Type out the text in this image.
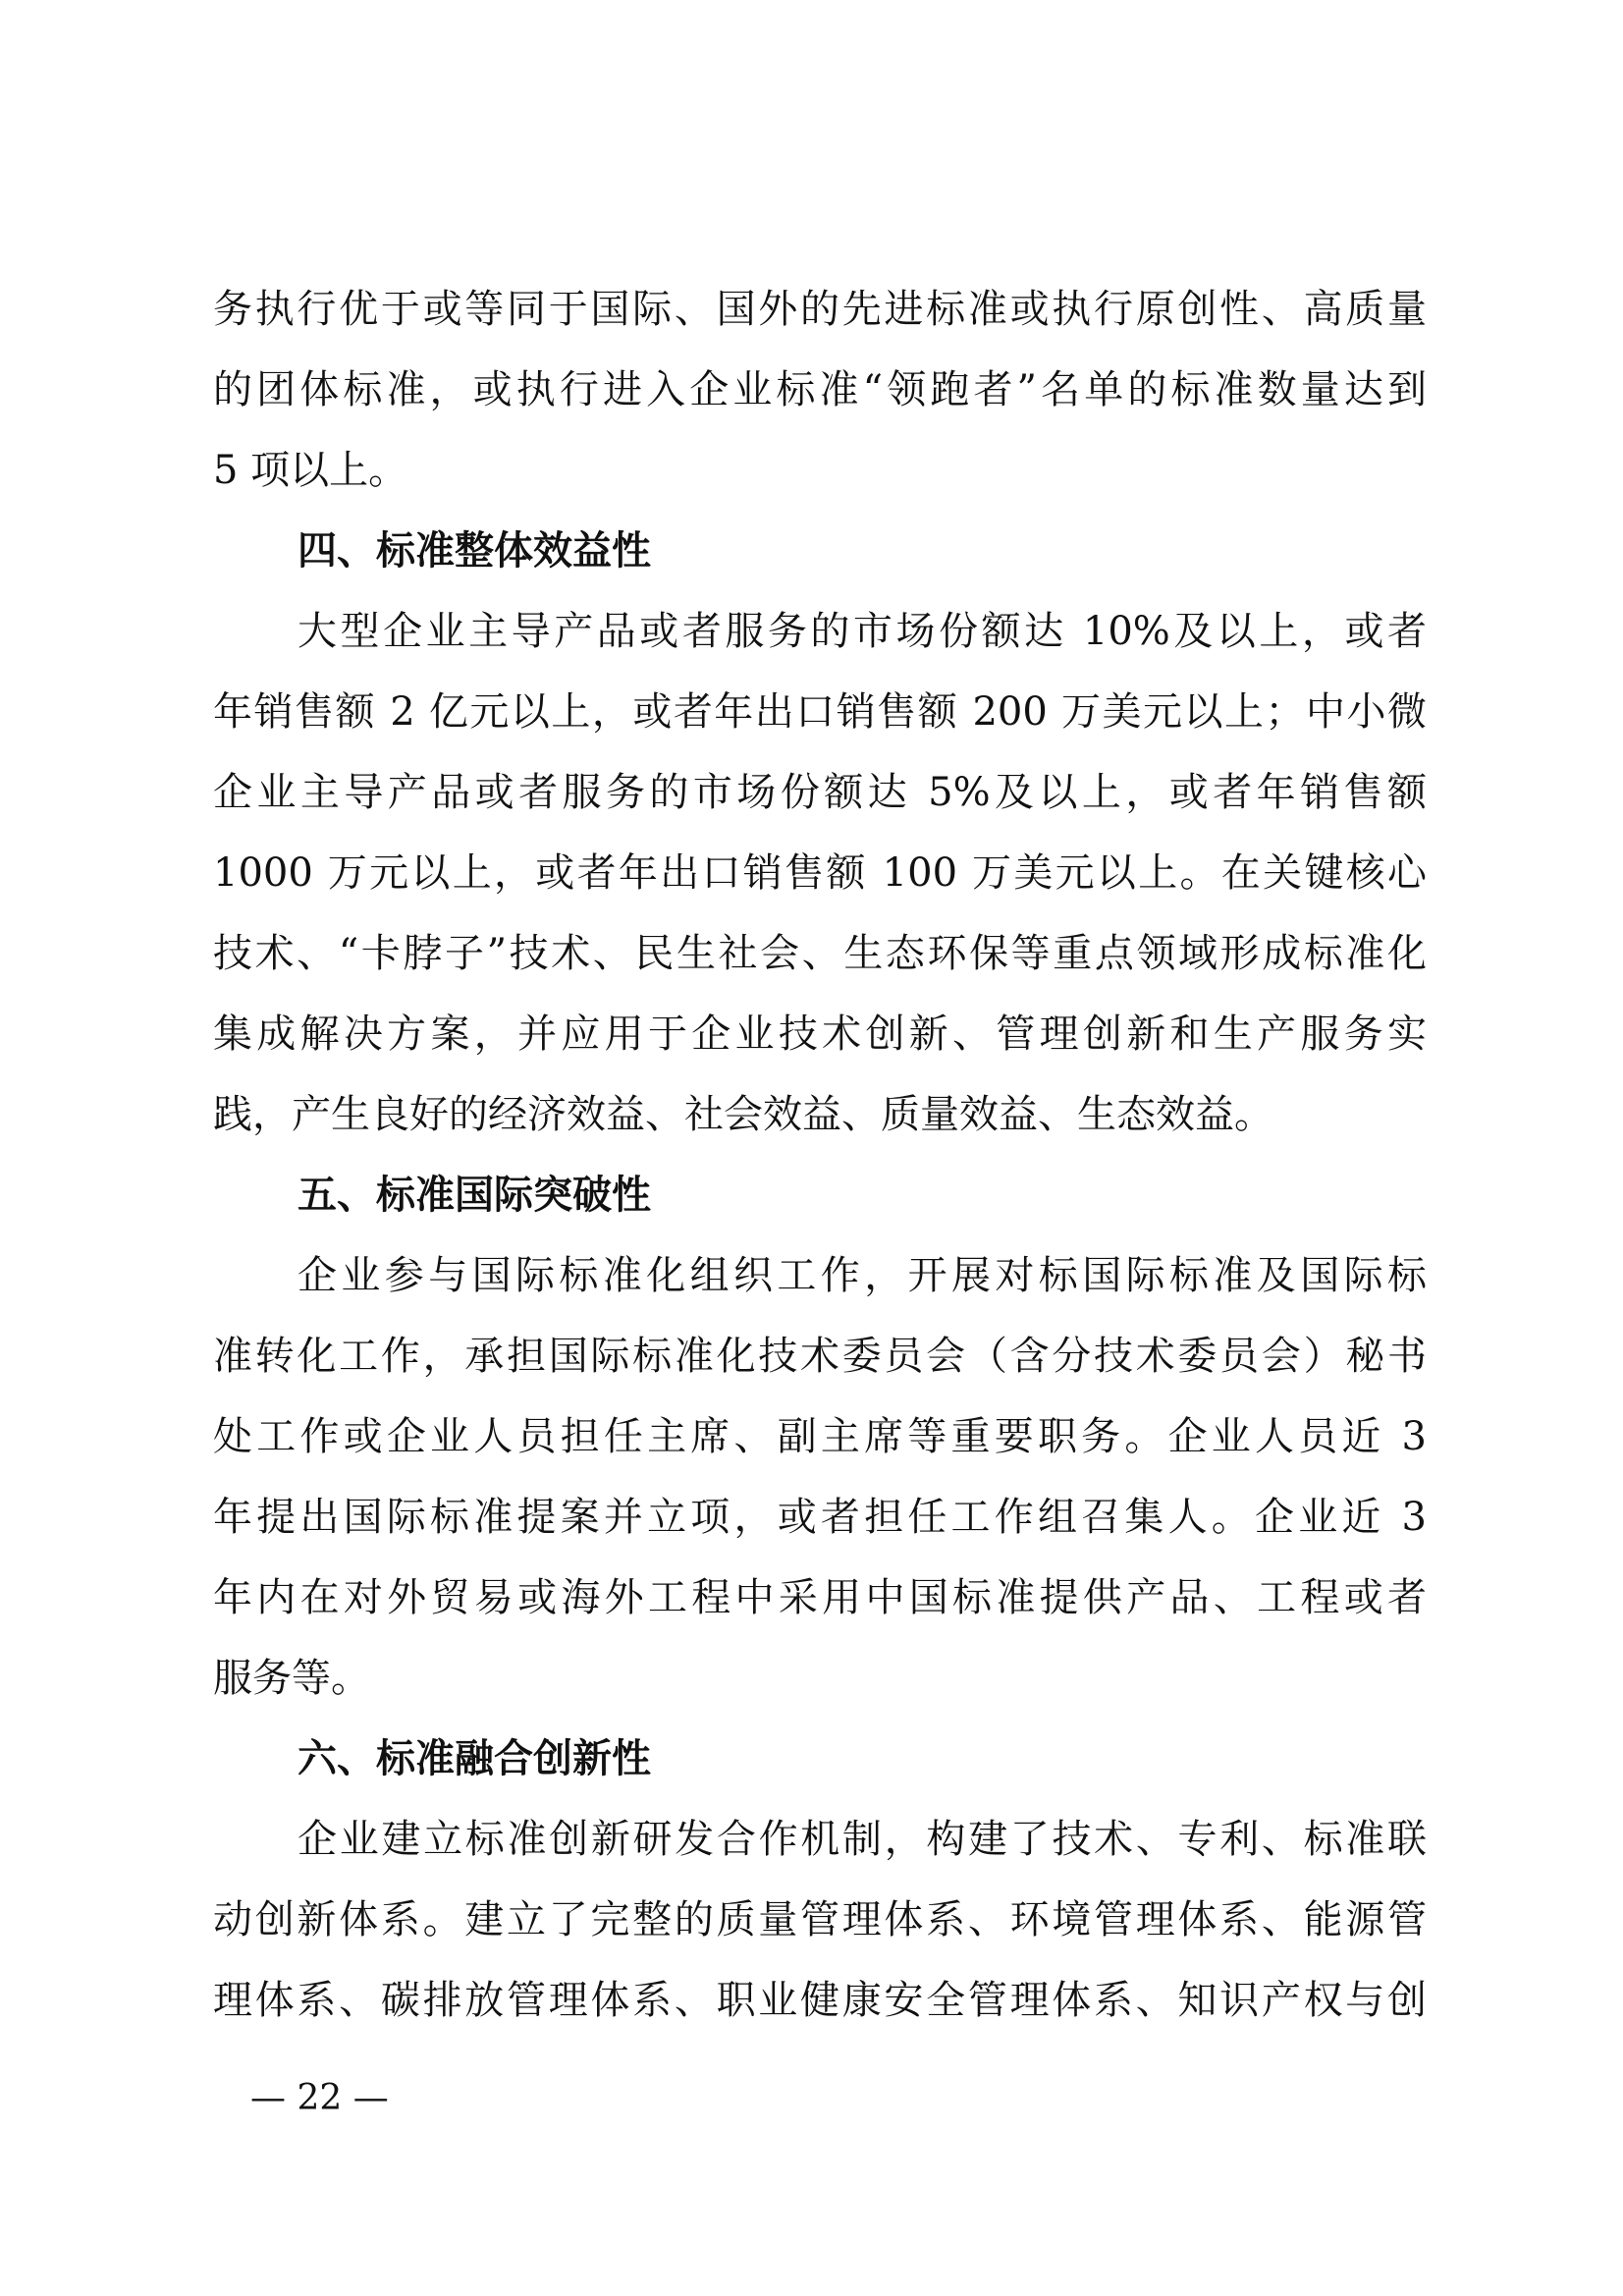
务执行优于或等同于国际、国外的先进标准或执行原创性、高质量
的团体标准，或执行进入企业标准“领跑者”名单的标准数量达到
5 项以上。
四、标准整体效益性
大型企业主导产品或者服务的市场份额达 10%及以上，或者
年销售额 2 亿元以上，或者年出口销售额 200 万美元以上；中小微
企业主导产品或者服务的市场份额达 5%及以上，或者年销售额
1000 万元以上，或者年出口销售额 100 万美元以上。在关键核心
技术、“卡脖子”技术、民生社会、生态环保等重点领域形成标准化
集成解决方案，并应用于企业技术创新、管理创新和生产服务实
践，产生良好的经济效益、社会效益、质量效益、生态效益。
五、标准国际突破性
企业参与国际标准化组织工作，开展对标国际标准及国际标
准转化工作，承担国际标准化技术委员会（含分技术委员会）秘书
处工作或企业人员担任主席、副主席等重要职务。企业人员近 3
年提出国际标准提案并立项，或者担任工作组召集人。企业近 3
年内在对外贸易或海外工程中采用中国标准提供产品、工程或者
服务等。
六、标准融合创新性
企业建立标准创新研发合作机制，构建了技术、专利、标准联
动创新体系。建立了完整的质量管理体系、环境管理体系、能源管
理体系、碳排放管理体系、职业健康安全管理体系、知识产权与创
— 22 —
